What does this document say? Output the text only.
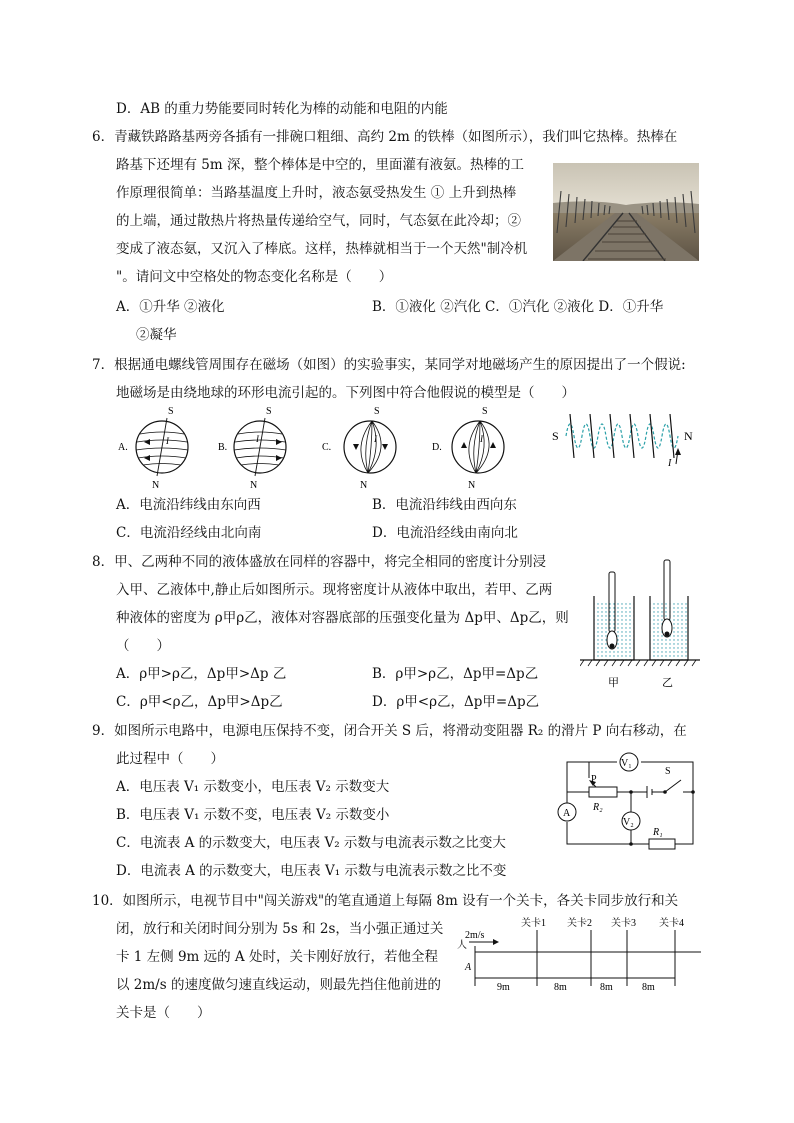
D．AB 的重力势能要同时转化为棒的动能和电阻的内能
6．青藏铁路路基两旁各插有一排碗口粗细、高约 2m 的铁棒（如图所示），我们叫它热棒。热棒在
路基下还埋有 5m 深，整个棒体是中空的，里面灌有液氨。热棒的工
作原理很简单：当路基温度上升时，液态氨受热发生 ① 上升到热棒
的上端，通过散热片将热量传递给空气，同时，气态氨在此冷却；②
变成了液态氨，又沉入了棒底。这样，热棒就相当于一个天然"制冷机
"。请问文中空格处的物态变化名称是（　　）
A．①升华 ②液化	B．①液化 ②汽化 C．①汽化 ②液化 D．①升华
②凝华
7．根据通电螺线管周围存在磁场（如图）的实验事实，某同学对地磁场产生的原因提出了一个假说:
地磁场是由绕地球的环形电流引起的。下列图中符合他假说的模型是（　　）
A.
S
N
I
B.
S
N
I
C.
S
N
I
D.
S
N
I	S	N
I
A．电流沿纬线由东向西	B．电流沿纬线由西向东
C．电流沿经线由北向南	D．电流沿经线由南向北
8．甲、乙两种不同的液体盛放在同样的容器中，将完全相同的密度计分别浸
入甲、乙液体中,静止后如图所示。现将密度计从液体中取出，若甲、乙两
种液体的密度为 ρ甲ρ乙，液体对容器底部的压强变化量为 Δp甲、Δp乙，则
（　　）
A．ρ甲>ρ乙，Δp甲>Δp 乙	B．ρ甲>ρ乙，Δp甲=Δp乙
C．ρ甲<ρ乙，Δp甲>Δp乙	D．ρ甲<ρ乙，Δp甲=Δp乙
甲	乙
9．如图所示电路中，电源电压保持不变，闭合开关 S 后，将滑动变阻器 R₂ 的滑片 P 向右移动，在
此过程中（　　）
A．电压表 V₁ 示数变小，电压表 V₂ 示数变大
B．电压表 V₁ 示数不变，电压表 V₂ 示数变小
C．电流表 A 的示数变大，电压表 V₂ 示数与电流表示数之比变大
D．电流表 A 的示数变大，电压表 V₁ 示数与电流表示数之比不变
V₁
A
V₂
P
R₂
S
R₁
10．如图所示，电视节目中"闯关游戏"的笔直通道上每隔 8m 设有一个关卡，各关卡同步放行和关
闭，放行和关闭时间分别为 5s 和 2s，当小强正通过关
卡 1 左侧 9m 远的 A 处时，关卡刚好放行，若他全程
以 2m/s 的速度做匀速直线运动，则最先挡住他前进的
关卡是（　　）
2m/s
人
A
关卡1 关卡2 关卡3 关卡4
9m	8m	8m	8m
